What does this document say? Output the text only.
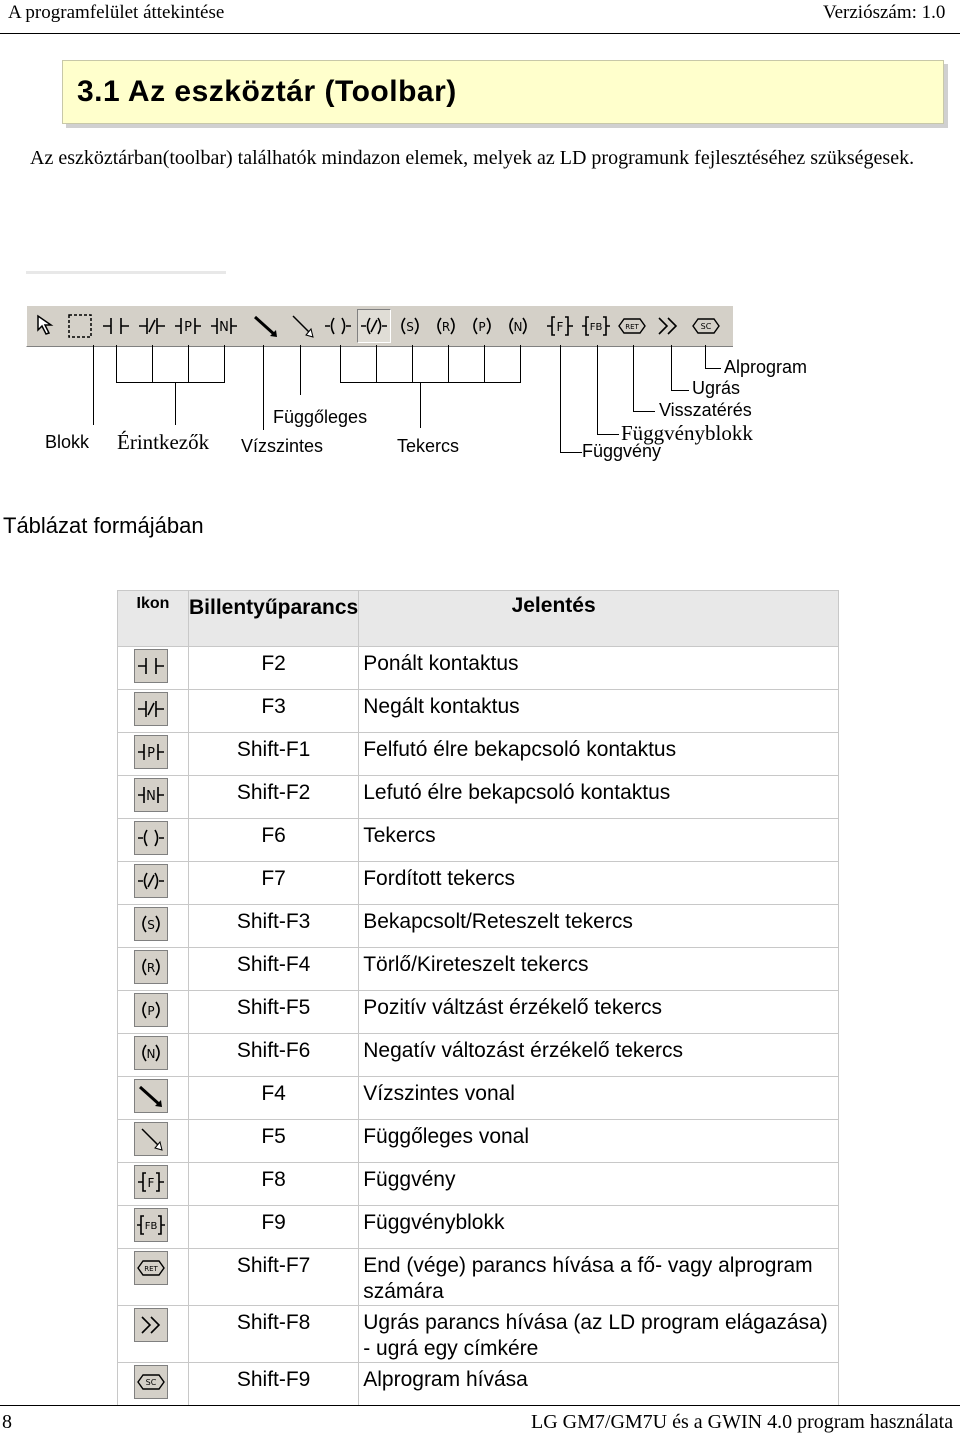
A programfelület áttekintése	Verziószám: 1.0
3.1 Az eszköztár (Toolbar)
Az eszköztárban(toolbar) találhatók mindazon elemek, melyek az LD programunk fejlesztéséhez szükségesek.
P N	S R P N	F	FB	RET	SC
Blokk Érintkezők
Függőleges
Vízszintes	Tekercs
Alprogram
Ugrás
Visszatérés
Függvényblokk
Függvény
Táblázat formájában
Ikon	Billentyűparancs	Jelentés

	F2	Ponált kontaktus

	F3	Negált kontaktus

P	Shift-F1	Felfutó élre bekapcsoló kontaktus

N	Shift-F2	Lefutó élre bekapcsoló kontaktus

	F6	Tekercs

	F7	Fordított tekercs

S	Shift-F3	Bekapcsolt/Reteszelt tekercs

R	Shift-F4	Törlő/Kireteszelt tekercs

P	Shift-F5	Pozitív váltzást érzékelő tekercs

N	Shift-F6	Negatív változást érzékelő tekercs

	F4	Vízszintes vonal

	F5	Függőleges vonal

F	F8	Függvény

FB	F9	Függvényblokk

RET	Shift-F7	End (vége) parancs hívása a fő- vagy alprogram számára

	Shift-F8	Ugrás parancs hívása (az LD program elágazása) - ugrá egy címkére

SC	Shift-F9	Alprogram hívása
8	LG GM7/GM7U és a GWIN 4.0 program használata
